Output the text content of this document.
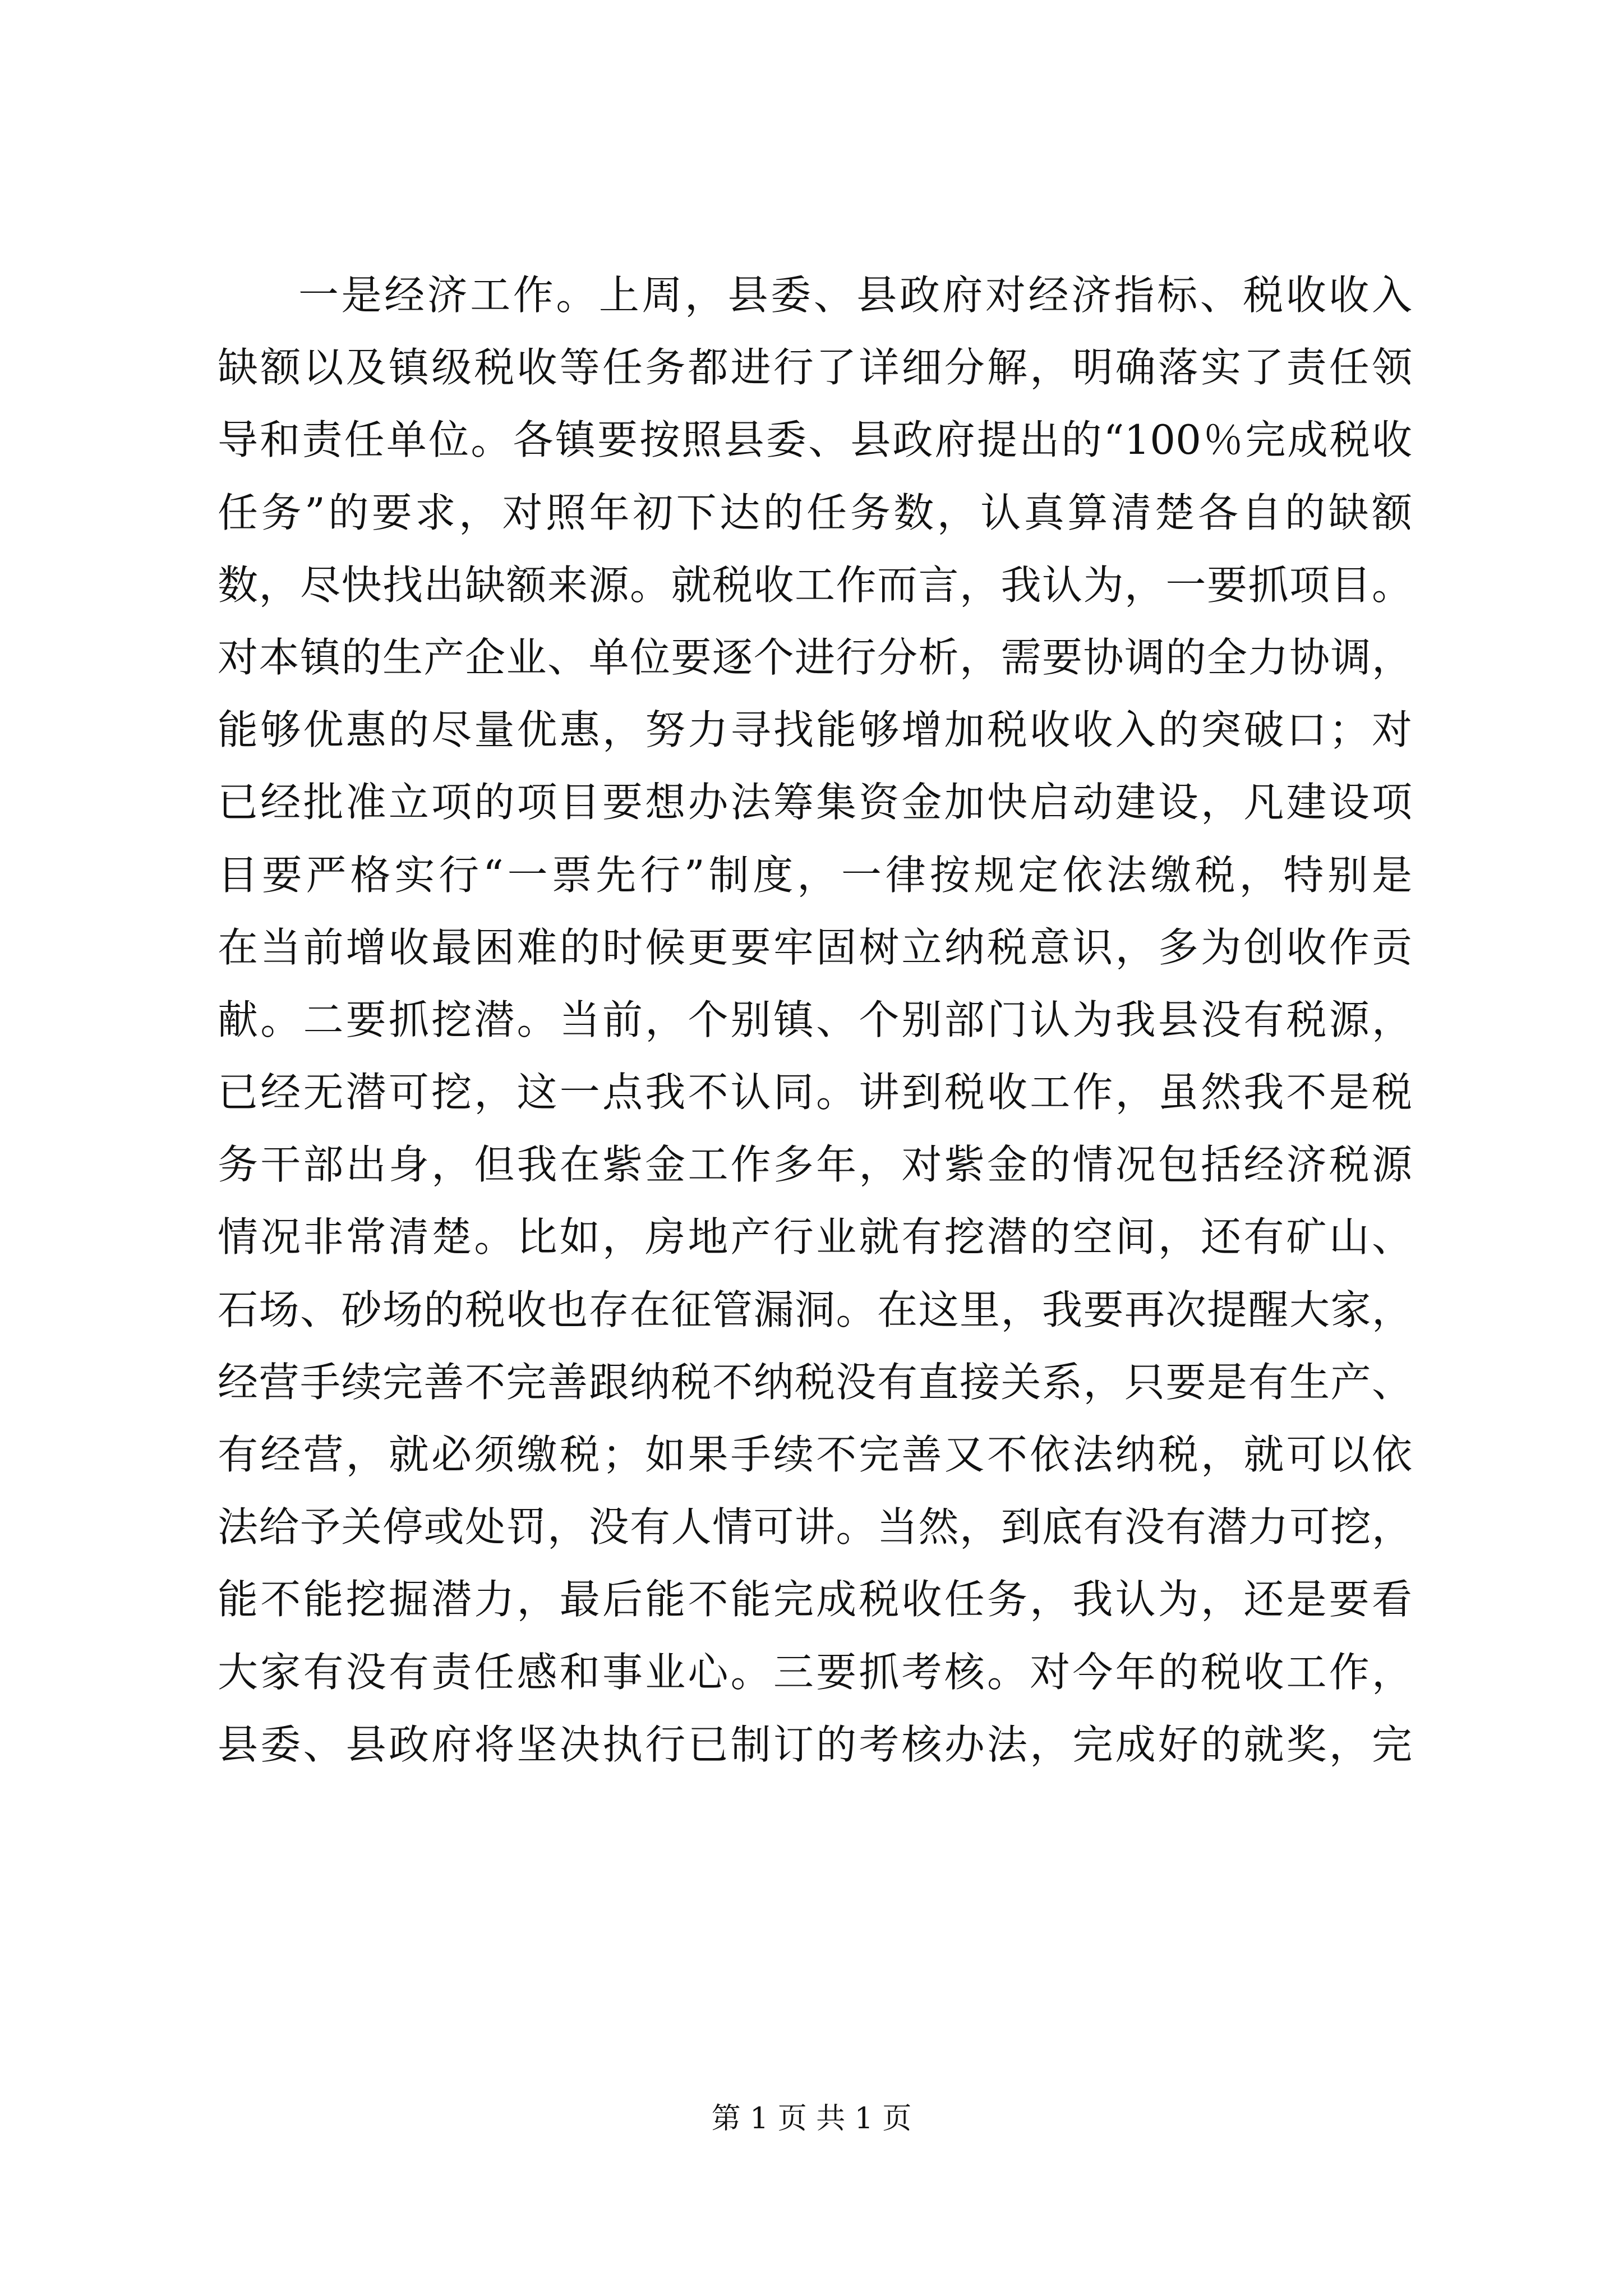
一是经济工作。上周，县委、县政府对经济指标、税收收入
缺额以及镇级税收等任务都进行了详细分解，明确落实了责任领
导和责任单位。各镇要按照县委、县政府提出的“100％完成税收
任务”的要求，对照年初下达的任务数，认真算清楚各自的缺额
数，尽快找出缺额来源。就税收工作而言，我认为，一要抓项目。
对本镇的生产企业、单位要逐个进行分析，需要协调的全力协调，
能够优惠的尽量优惠，努力寻找能够增加税收收入的突破口；对
已经批准立项的项目要想办法筹集资金加快启动建设，凡建设项
目要严格实行“一票先行”制度，一律按规定依法缴税，特别是
在当前增收最困难的时候更要牢固树立纳税意识，多为创收作贡
献。二要抓挖潜。当前，个别镇、个别部门认为我县没有税源，
已经无潜可挖，这一点我不认同。讲到税收工作，虽然我不是税
务干部出身，但我在紫金工作多年，对紫金的情况包括经济税源
情况非常清楚。比如，房地产行业就有挖潜的空间，还有矿山、
石场、砂场的税收也存在征管漏洞。在这里，我要再次提醒大家，
经营手续完善不完善跟纳税不纳税没有直接关系，只要是有生产、
有经营，就必须缴税；如果手续不完善又不依法纳税，就可以依
法给予关停或处罚，没有人情可讲。当然，到底有没有潜力可挖，
能不能挖掘潜力，最后能不能完成税收任务，我认为，还是要看
大家有没有责任感和事业心。三要抓考核。对今年的税收工作，
县委、县政府将坚决执行已制订的考核办法，完成好的就奖，完
第 1 页 共 1 页
